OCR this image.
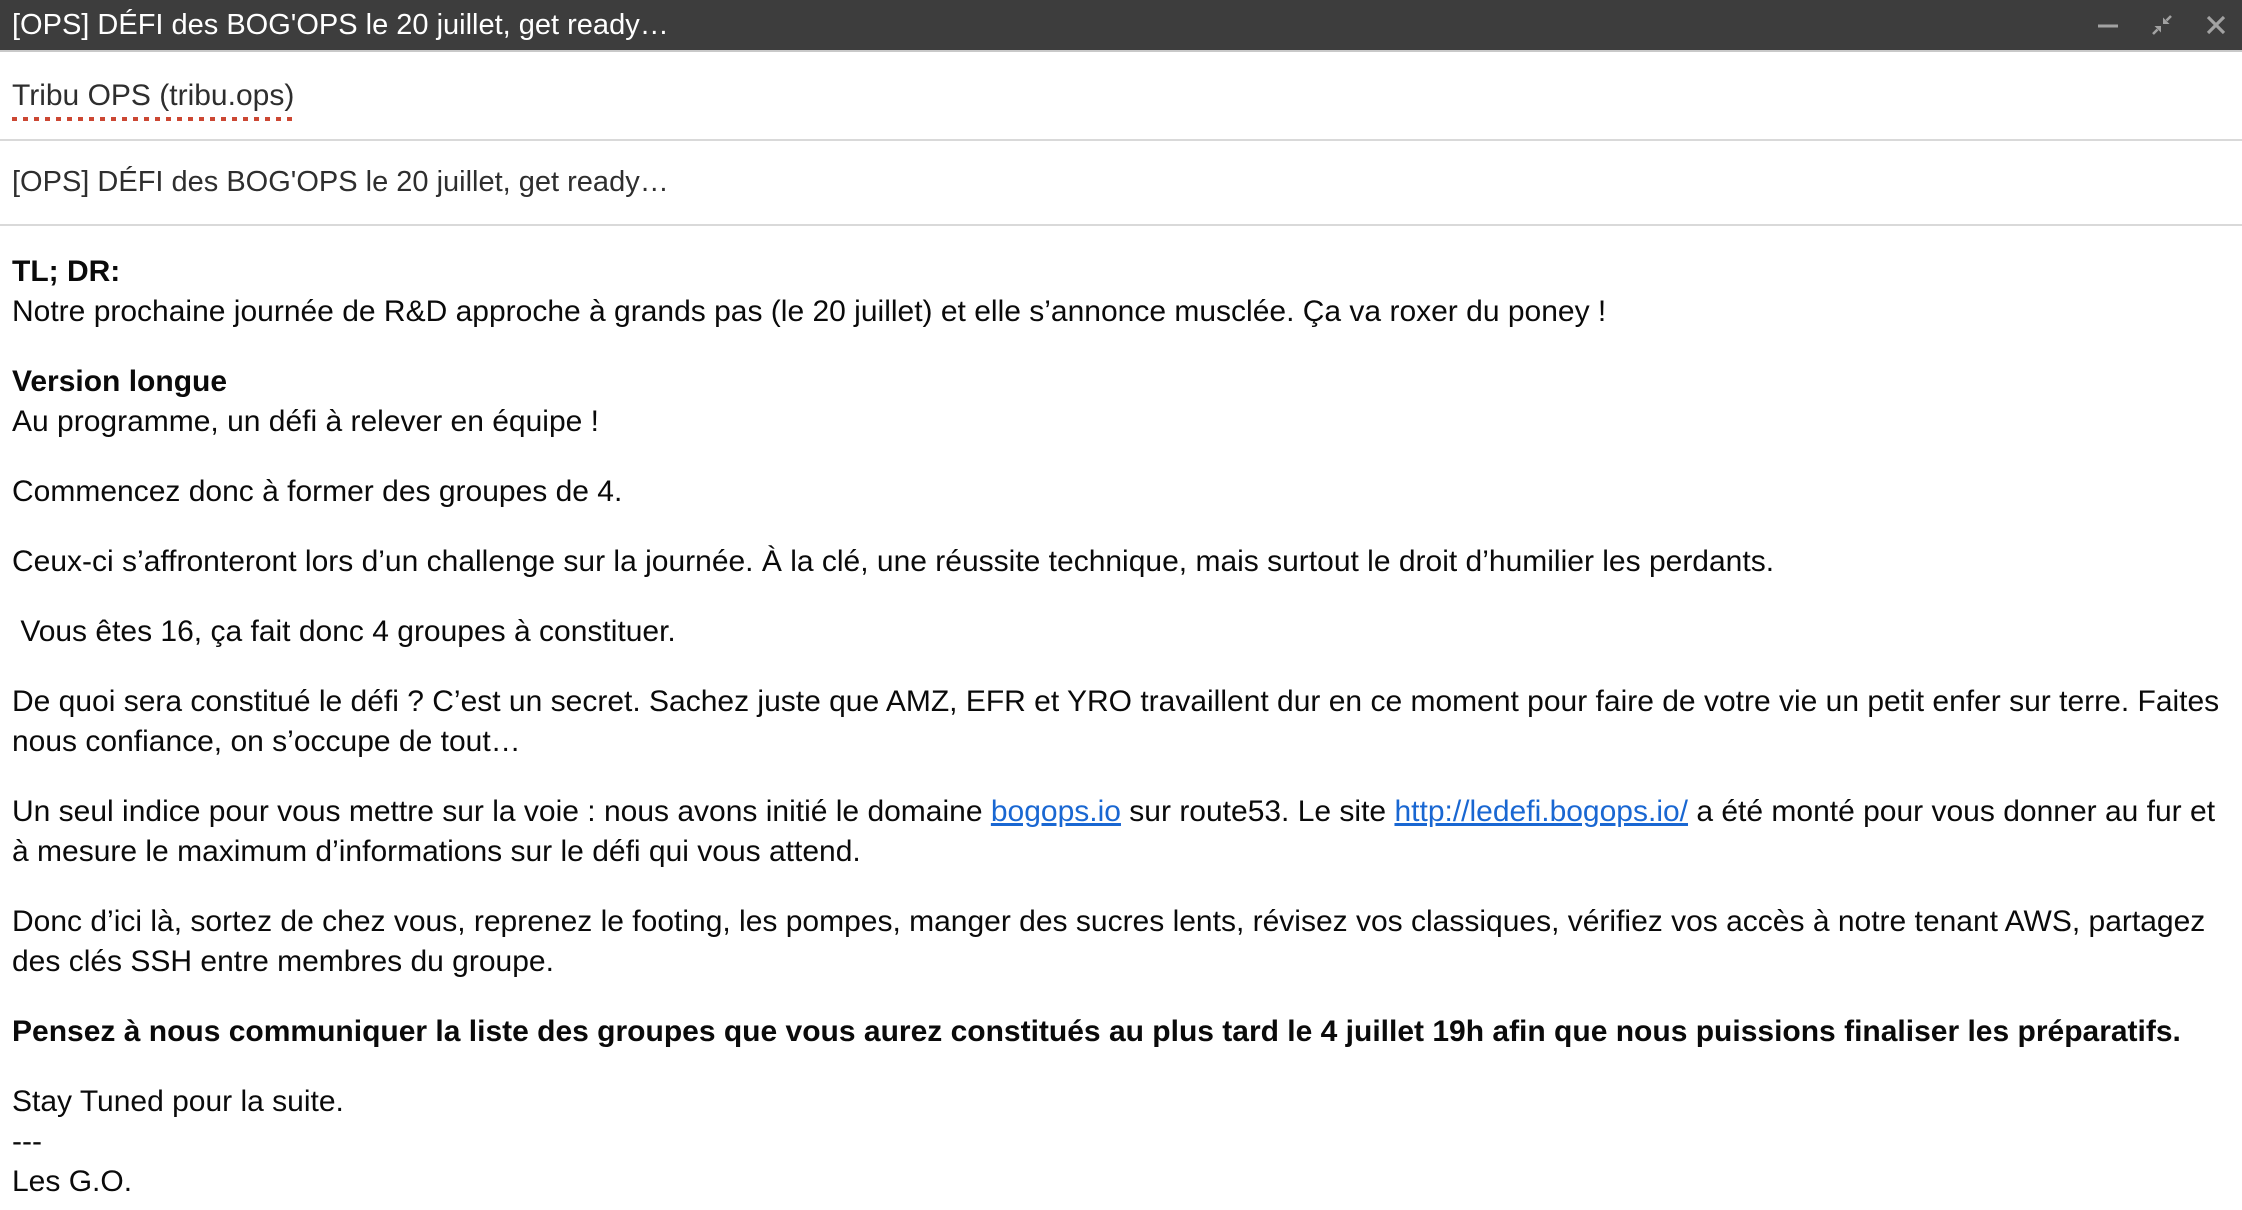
[OPS] DÉFI des BOG'OPS le 20 juillet, get ready…
Tribu OPS (tribu.ops)
[OPS] DÉFI des BOG'OPS le 20 juillet, get ready…

TL; DR:
Notre prochaine journée de R&D approche à grands pas (le 20 juillet) et elle s’annonce musclée. Ça va roxer du poney !

Version longue
Au programme, un défi à relever en équipe !

Commencez donc à former des groupes de 4.

Ceux-ci s’affronteront lors d’un challenge sur la journée. À la clé, une réussite technique, mais surtout le droit d’humilier les perdants.

Vous êtes 16, ça fait donc 4 groupes à constituer.

De quoi sera constitué le défi ? C’est un secret. Sachez juste que AMZ, EFR et YRO travaillent dur en ce moment pour faire de votre vie un petit enfer sur terre. Faites nous confiance, on s’occupe de tout…

Un seul indice pour vous mettre sur la voie : nous avons initié le domaine bogops.io sur route53. Le site http://ledefi.bogops.io/ a été monté pour vous donner au fur et à mesure le maximum d’informations sur le défi qui vous attend.

Donc d’ici là, sortez de chez vous, reprenez le footing, les pompes, manger des sucres lents, révisez vos classiques, vérifiez vos accès à notre tenant AWS, partagez des clés SSH entre membres du groupe.

Pensez à nous communiquer la liste des groupes que vous aurez constitués au plus tard le 4 juillet 19h afin que nous puissions finaliser les préparatifs.

Stay Tuned pour la suite.
---
Les G.O.
